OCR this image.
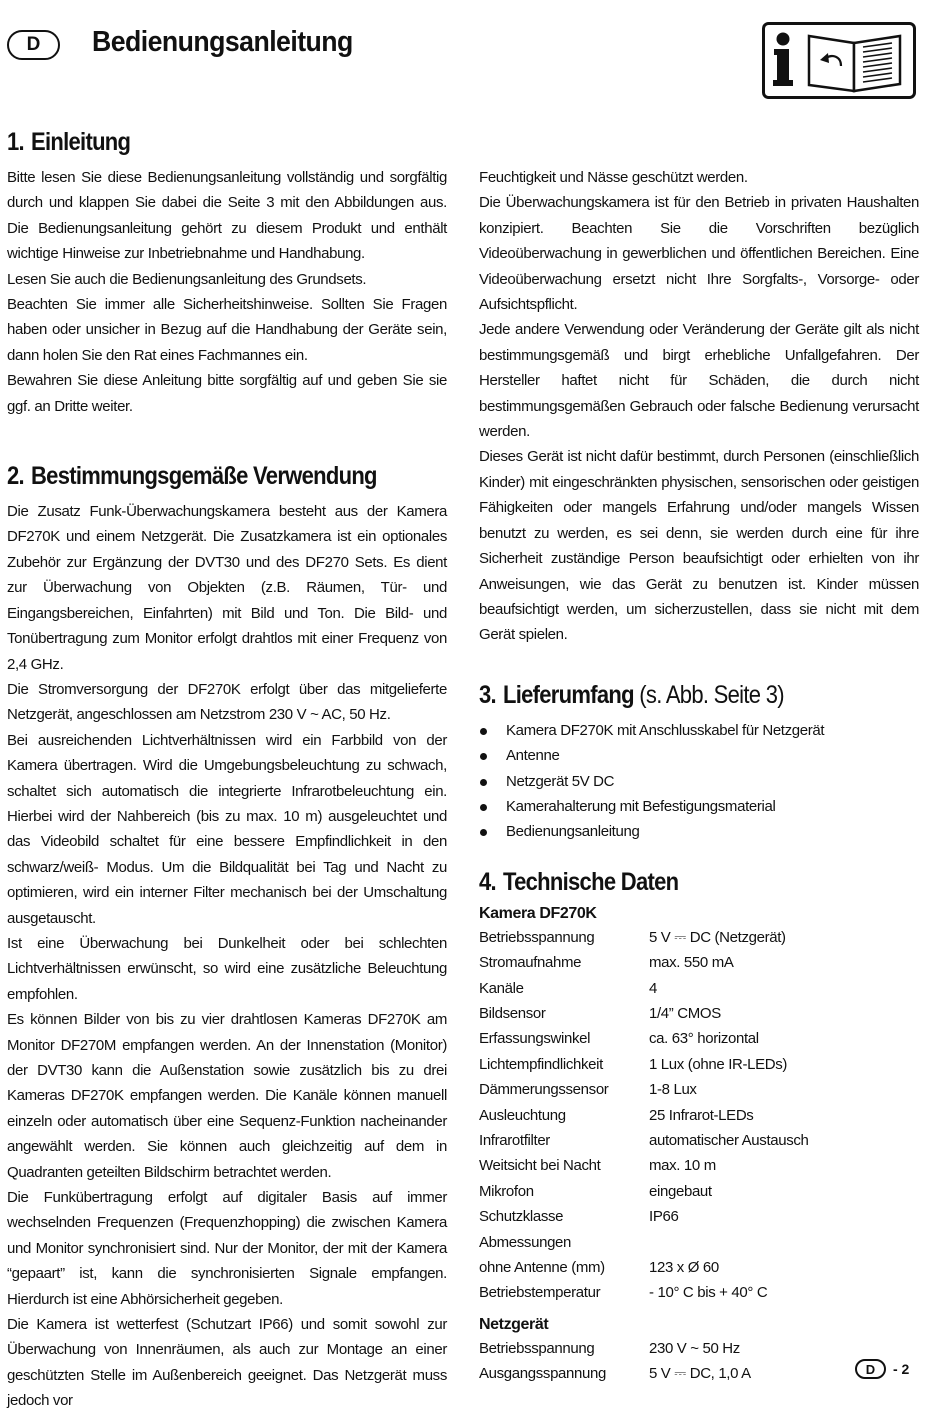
D Bedienungsanleitung
1. Einleitung

Bitte lesen Sie diese Bedienungsanleitung vollständig und sorgfältig durch und klappen Sie dabei die Seite 3 mit den Abbildungen aus. Die Bedienungsanleitung gehört zu diesem Produkt und enthält wichtige Hinweise zur Inbetriebnahme und Handhabung.

Lesen Sie auch die Bedienungsanleitung des Grundsets.

Beachten Sie immer alle Sicherheitshinweise. Sollten Sie Fragen haben oder unsicher in Bezug auf die Handhabung der Geräte sein, dann holen Sie den Rat eines Fachmannes ein.

Bewahren Sie diese Anleitung bitte sorgfältig auf und geben Sie sie ggf. an Dritte weiter.

2. Bestimmungsgemäße Verwendung

Die Zusatz Funk-Überwachungskamera besteht aus der Kamera DF270K und einem Netzgerät. Die Zusatzkamera ist ein optionales Zubehör zur Ergänzung der DVT30 und des DF270 Sets. Es dient zur Überwachung von Objekten (z.B. Räumen, Tür- und Eingangsbereichen, Einfahrten) mit Bild und Ton. Die Bild- und Tonübertragung zum Monitor erfolgt drahtlos mit einer Frequenz von 2,4 GHz.

Die Stromversorgung der DF270K erfolgt über das mitgelieferte Netzgerät, angeschlossen am Netzstrom 230 V ~ AC, 50 Hz.

Bei ausreichenden Lichtverhältnissen wird ein Farbbild von der Kamera übertragen. Wird die Umgebungsbeleuchtung zu schwach, schaltet sich automatisch die integrierte Infrarotbeleuchtung ein. Hierbei wird der Nahbereich (bis zu max. 10 m) ausgeleuchtet und das Videobild schaltet für eine bessere Empfindlichkeit in den schwarz/weiß- Modus. Um die Bildqualität bei Tag und Nacht zu optimieren, wird ein interner Filter mechanisch bei der Umschaltung ausgetauscht.

Ist eine Überwachung bei Dunkelheit oder bei schlechten Lichtverhältnissen erwünscht, so wird eine zusätzliche Beleuchtung empfohlen.

Es können Bilder von bis zu vier drahtlosen Kameras DF270K am Monitor DF270M empfangen werden. An der Innenstation (Monitor) der DVT30 kann die Außenstation sowie zusätzlich bis zu drei Kameras DF270K empfangen werden. Die Kanäle können manuell einzeln oder automatisch über eine Sequenz-Funktion nacheinander angewählt werden. Sie können auch gleichzeitig auf dem in Quadranten geteilten Bildschirm betrachtet werden.

Die Funkübertragung erfolgt auf digitaler Basis auf immer wechselnden Frequenzen (Frequenzhopping) die zwischen Kamera und Monitor synchronisiert sind. Nur der Monitor, der mit der Kamera “gepaart” ist, kann die synchronisierten Signale empfangen. Hierdurch ist eine Abhörsicherheit gegeben.

Die Kamera ist wetterfest (Schutzart IP66) und somit sowohl zur Überwachung von Innenräumen, als auch zur Montage an einer geschützten Stelle im Außenbereich geeignet. Das Netzgerät muss jedoch vor

Feuchtigkeit und Nässe geschützt werden.

Die Überwachungskamera ist für den Betrieb in privaten Haushalten konzipiert. Beachten Sie die Vorschriften bezüglich Videoüberwachung in gewerblichen und öffentlichen Bereichen. Eine Videoüberwachung ersetzt nicht Ihre Sorgfalts-, Vorsorge- oder Aufsichtspflicht.

Jede andere Verwendung oder Veränderung der Geräte gilt als nicht bestimmungsgemäß und birgt erhebliche Unfallgefahren. Der Hersteller haftet nicht für Schäden, die durch nicht bestimmungsgemäßen Gebrauch oder falsche Bedienung verursacht werden.

Dieses Gerät ist nicht dafür bestimmt, durch Personen (einschließlich Kinder) mit eingeschränkten physischen, sensorischen oder geistigen Fähigkeiten oder mangels Erfahrung und/oder mangels Wissen benutzt zu werden, es sei denn, sie werden durch eine für ihre Sicherheit zuständige Person beaufsichtigt oder erhielten von ihr Anweisungen, wie das Gerät zu benutzen ist. Kinder müssen beaufsichtigt werden, um sicherzustellen, dass sie nicht mit dem Gerät spielen.

3. Lieferumfang (s. Abb. Seite 3)
Kamera DF270K mit Anschlusskabel für Netzgerät
Antenne
Netzgerät 5V DC
Kamerahalterung mit Befestigungsmaterial
Bedienungsanleitung
4. Technische Daten
Kamera DF270K
Betriebsspannung	5 V ⎓ DC (Netzgerät)
Stromaufnahme	max. 550 mA
Kanäle	4
Bildsensor	1/4” CMOS
Erfassungswinkel	ca. 63° horizontal
Lichtempfindlichkeit	1 Lux (ohne IR-LEDs)
Dämmerungssensor	1-8 Lux
Ausleuchtung	25 Infrarot-LEDs
Infrarotfilter	automatischer Austausch
Weitsicht bei Nacht	max. 10 m
Mikrofon	eingebaut
Schutzklasse	IP66
Abmessungen
ohne Antenne (mm)	123 x Ø 60
Betriebstemperatur	- 10° C bis + 40° C
Netzgerät
Betriebsspannung	230 V ~ 50 Hz
Ausgangsspannung	5 V ⎓ DC, 1,0 A	D - 2
